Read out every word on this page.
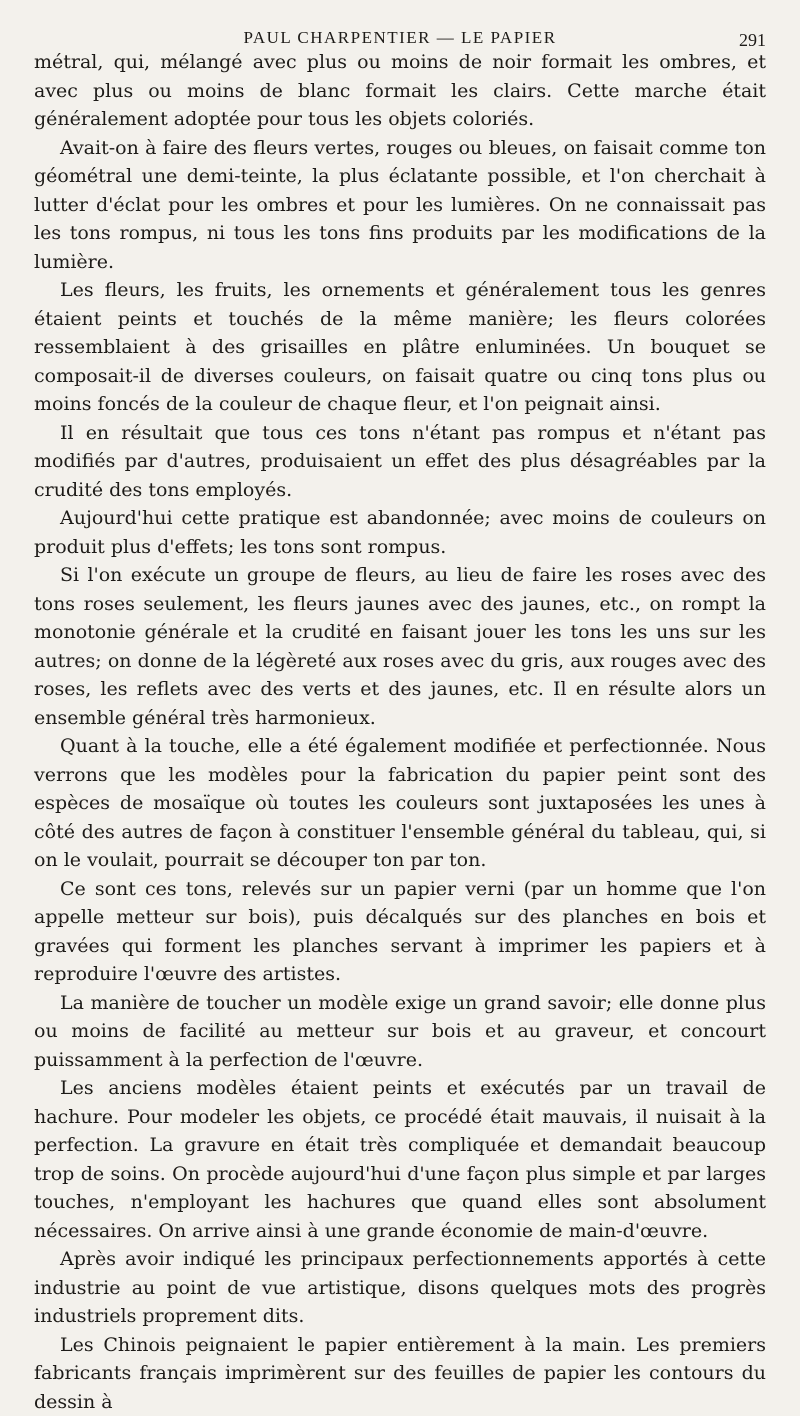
PAUL CHARPENTIER — LE PAPIER	291

métral, qui, mélangé avec plus ou moins de noir formait les ombres, et avec plus ou moins de blanc formait les clairs. Cette marche était généralement adoptée pour tous les objets coloriés.

Avait-on à faire des fleurs vertes, rouges ou bleues, on faisait comme ton géométral une demi-teinte, la plus éclatante possible, et l'on cherchait à lutter d'éclat pour les ombres et pour les lumières. On ne connaissait pas les tons rompus, ni tous les tons fins produits par les modifications de la lumière.

Les fleurs, les fruits, les ornements et généralement tous les genres étaient peints et touchés de la même manière; les fleurs colorées ressemblaient à des grisailles en plâtre enluminées. Un bouquet se composait-il de diverses couleurs, on faisait quatre ou cinq tons plus ou moins foncés de la couleur de chaque fleur, et l'on peignait ainsi.

Il en résultait que tous ces tons n'étant pas rompus et n'étant pas modifiés par d'autres, produisaient un effet des plus désagréables par la crudité des tons employés.

Aujourd'hui cette pratique est abandonnée; avec moins de couleurs on produit plus d'effets; les tons sont rompus.

Si l'on exécute un groupe de fleurs, au lieu de faire les roses avec des tons roses seulement, les fleurs jaunes avec des jaunes, etc., on rompt la monotonie générale et la crudité en faisant jouer les tons les uns sur les autres; on donne de la légèreté aux roses avec du gris, aux rouges avec des roses, les reflets avec des verts et des jaunes, etc. Il en résulte alors un ensemble général très harmonieux.

Quant à la touche, elle a été également modifiée et perfectionnée. Nous verrons que les modèles pour la fabrication du papier peint sont des espèces de mosaïque où toutes les couleurs sont juxtaposées les unes à côté des autres de façon à constituer l'ensemble général du tableau, qui, si on le voulait, pourrait se découper ton par ton.

Ce sont ces tons, relevés sur un papier verni (par un homme que l'on appelle metteur sur bois), puis décalqués sur des planches en bois et gravées qui forment les planches servant à imprimer les papiers et à reproduire l'œuvre des artistes.

La manière de toucher un modèle exige un grand savoir; elle donne plus ou moins de facilité au metteur sur bois et au graveur, et concourt puissamment à la perfection de l'œuvre.

Les anciens modèles étaient peints et exécutés par un travail de hachure. Pour modeler les objets, ce procédé était mauvais, il nuisait à la perfection. La gravure en était très compliquée et demandait beaucoup trop de soins. On procède aujourd'hui d'une façon plus simple et par larges touches, n'employant les hachures que quand elles sont absolument nécessaires. On arrive ainsi à une grande économie de main-d'œuvre.

Après avoir indiqué les principaux perfectionnements apportés à cette industrie au point de vue artistique, disons quelques mots des progrès industriels proprement dits.

Les Chinois peignaient le papier entièrement à la main. Les premiers fabricants français imprimèrent sur des feuilles de papier les contours du dessin à
